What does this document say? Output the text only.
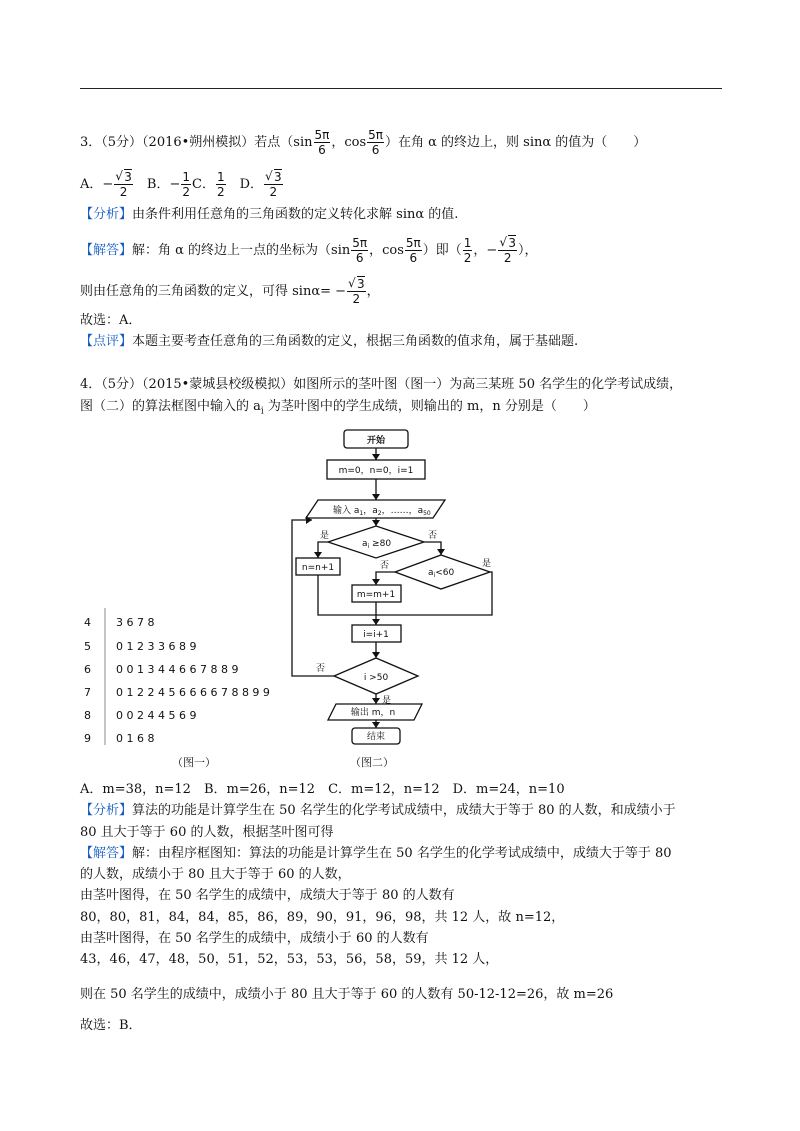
3．（5分）（2016•朔州模拟）若点（$\sin \frac{5\pi}{6}$ ，$\cos \frac{5\pi}{6}$ ）在角 α 的终边上，则 sinα 的值为（　　）
A．− √ $\frac{3}{2}$ 　B．− $\frac{1}{2}$ C． $\frac{1}{2}$ 　D． √ $\frac{3}{2}$
【分析】由条件利用任意角的三角函数的定义转化求解 sinα 的值.
【解答】解：角 α 的终边上一点的坐标为（$\sin \frac{5\pi}{6}$ ，$\cos \frac{5\pi}{6}$ ）即（ $\frac{1}{2}$ ，− √ $\frac{3}{2}$ ），
则由任意角的三角函数的定义，可得 sinα= − √ $\frac{3}{2}$ ，
故选：A．
【点评】本题主要考查任意角的三角函数的定义，根据三角函数的值求角，属于基础题.
4．（5分）（2015•蒙城县校级模拟）如图所示的茎叶图（图一）为高三某班 50 名学生的化学考试成绩，
图（二）的算法框图中输入的 $a_i$ 为茎叶图中的学生成绩，则输出的 m，n 分别是（　　）
开始
m=0，n=0，i=1
输入 $a_1$，$a_2$，……，$a_{50}$
$a_i \ge 80$
$a_i<60$
n=n+1
m=m+1
i=i+1
i >50
输出 m，n
结束
是	否
否	是
否
是
4 3 6 7 8
5 0 1 2 3 3 6 8 9
6 0 0 1 3 4 4 6 6 7 8 8 9
7 0 1 2 2 4 5 6 6 6 6 7 8 8 9 9
8 0 0 2 4 4 5 6 9
9 0 1 6 8
（图一）	（图二）
A．m=38，n=12　B．m=26，n=12　C．m=12，n=12　D．m=24，n=10
【分析】算法的功能是计算学生在 50 名学生的化学考试成绩中，成绩大于等于 80 的人数，和成绩小于
80 且大于等于 60 的人数，根据茎叶图可得
【解答】解：由程序框图知：算法的功能是计算学生在 50 名学生的化学考试成绩中，成绩大于等于 80
的人数，成绩小于 80 且大于等于 60 的人数，
由茎叶图得，在 50 名学生的成绩中，成绩大于等于 80 的人数有
80，80，81，84，84，85，86，89，90，91，96，98，共 12 人，故 n=12，
由茎叶图得，在 50 名学生的成绩中，成绩小于 60 的人数有
43，46，47，48，50，51，52，53，53，56，58，59，共 12 人，
则在 50 名学生的成绩中，成绩小于 80 且大于等于 60 的人数有 50-12-12=26，故 m=26
故选：B．
